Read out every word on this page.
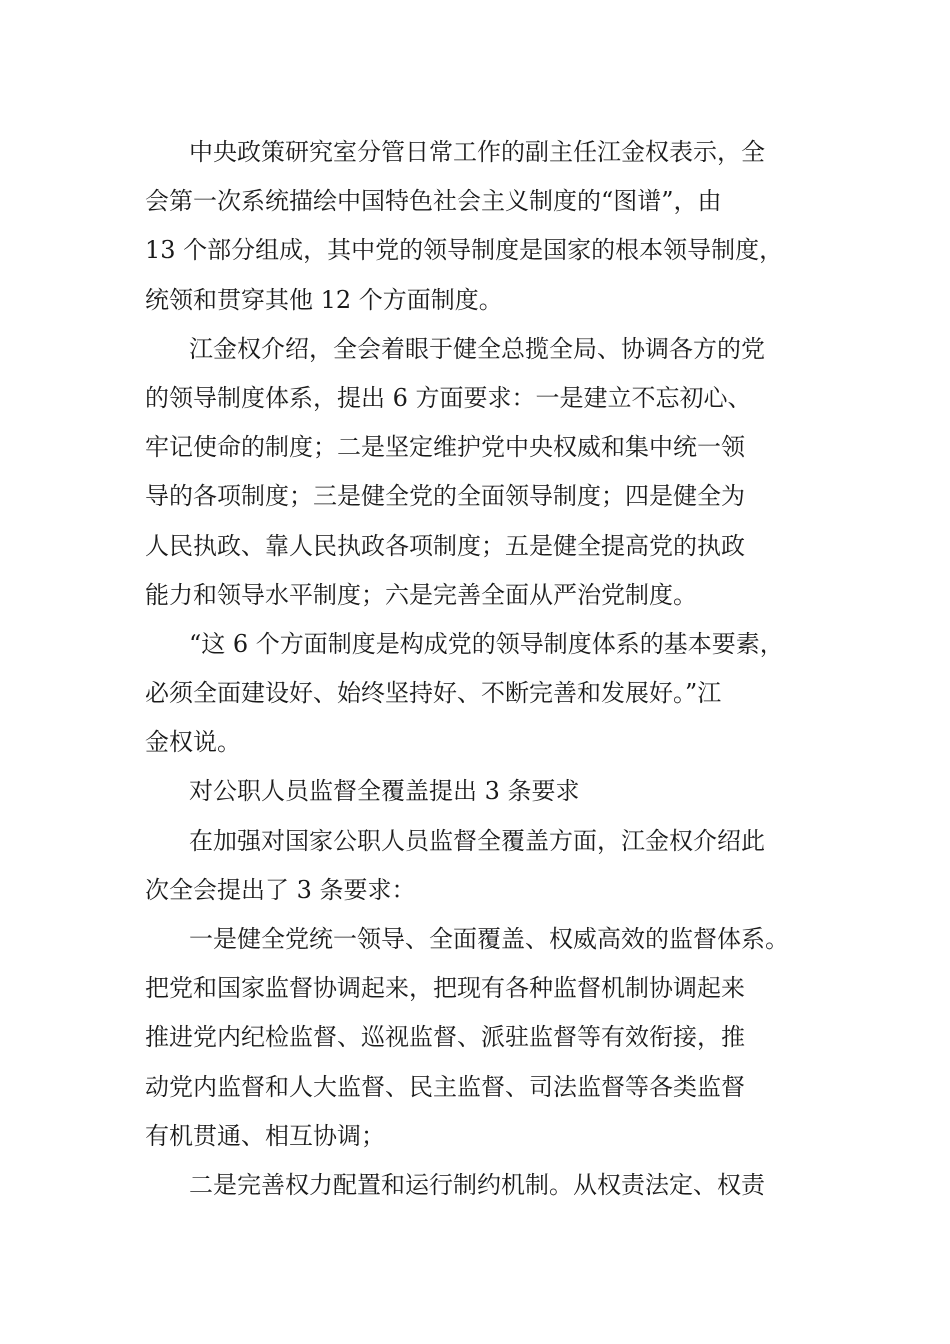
中央政策研究室分管日常工作的副主任江金权表示，全
会第一次系统描绘中国特色社会主义制度的“图谱”，由
13 个部分组成，其中党的领导制度是国家的根本领导制度，
统领和贯穿其他 12 个方面制度。
江金权介绍，全会着眼于健全总揽全局、协调各方的党
的领导制度体系，提出 6 方面要求：一是建立不忘初心、
牢记使命的制度；二是坚定维护党中央权威和集中统一领
导的各项制度；三是健全党的全面领导制度；四是健全为
人民执政、靠人民执政各项制度；五是健全提高党的执政
能力和领导水平制度；六是完善全面从严治党制度。
“这 6 个方面制度是构成党的领导制度体系的基本要素，
必须全面建设好、始终坚持好、不断完善和发展好。”江
金权说。
对公职人员监督全覆盖提出 3 条要求
在加强对国家公职人员监督全覆盖方面，江金权介绍此
次全会提出了 3 条要求：
一是健全党统一领导、全面覆盖、权威高效的监督体系。
把党和国家监督协调起来，把现有各种监督机制协调起来
推进党内纪检监督、巡视监督、派驻监督等有效衔接，推
动党内监督和人大监督、民主监督、司法监督等各类监督
有机贯通、相互协调；
二是完善权力配置和运行制约机制。从权责法定、权责
